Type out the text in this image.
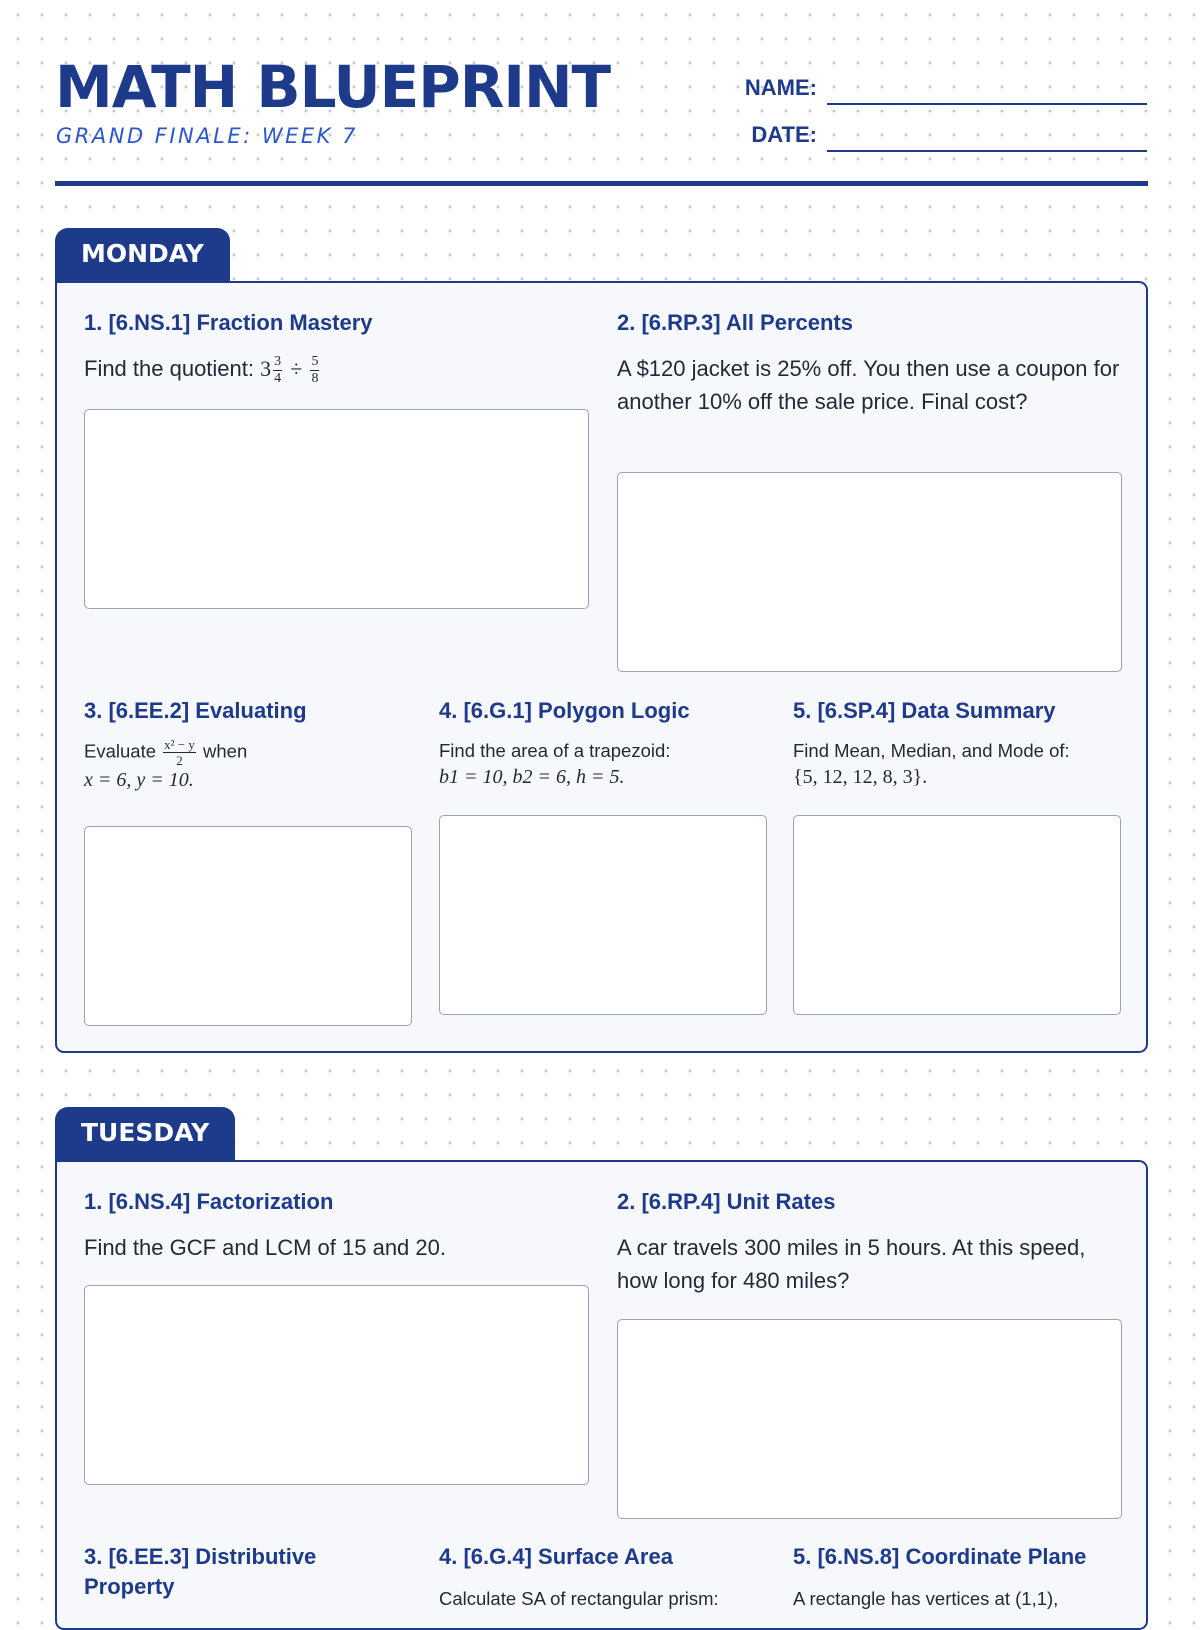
MATH BLUEPRINT
GRAND FINALE: WEEK 7
NAME:
DATE:
MONDAY
1. [6.NS.1] Fraction Mastery
Find the quotient: $3 \frac{3}{4} \div \frac{5}{8}$
2. [6.RP.3] All Percents
A $120 jacket is 25% off. You then use a coupon for another 10% off the sale price. Final cost?
3. [6.EE.2] Evaluating
Evaluate $\frac{\text{x² − y}}{2}$ when
x = 6, y = 10.
4. [6.G.1] Polygon Logic
Find the area of a trapezoid:
b1 = 10, b2 = 6, h = 5.
5. [6.SP.4] Data Summary
Find Mean, Median, and Mode of:
{5, 12, 12, 8, 3}.
TUESDAY
1. [6.NS.4] Factorization
Find the GCF and LCM of 15 and 20.
2. [6.RP.4] Unit Rates
A car travels 300 miles in 5 hours. At this speed, how long for 480 miles?
3. [6.EE.3] Distributive Property
4. [6.G.4] Surface Area
Calculate SA of rectangular prism:
5. [6.NS.8] Coordinate Plane
A rectangle has vertices at (1,1),
